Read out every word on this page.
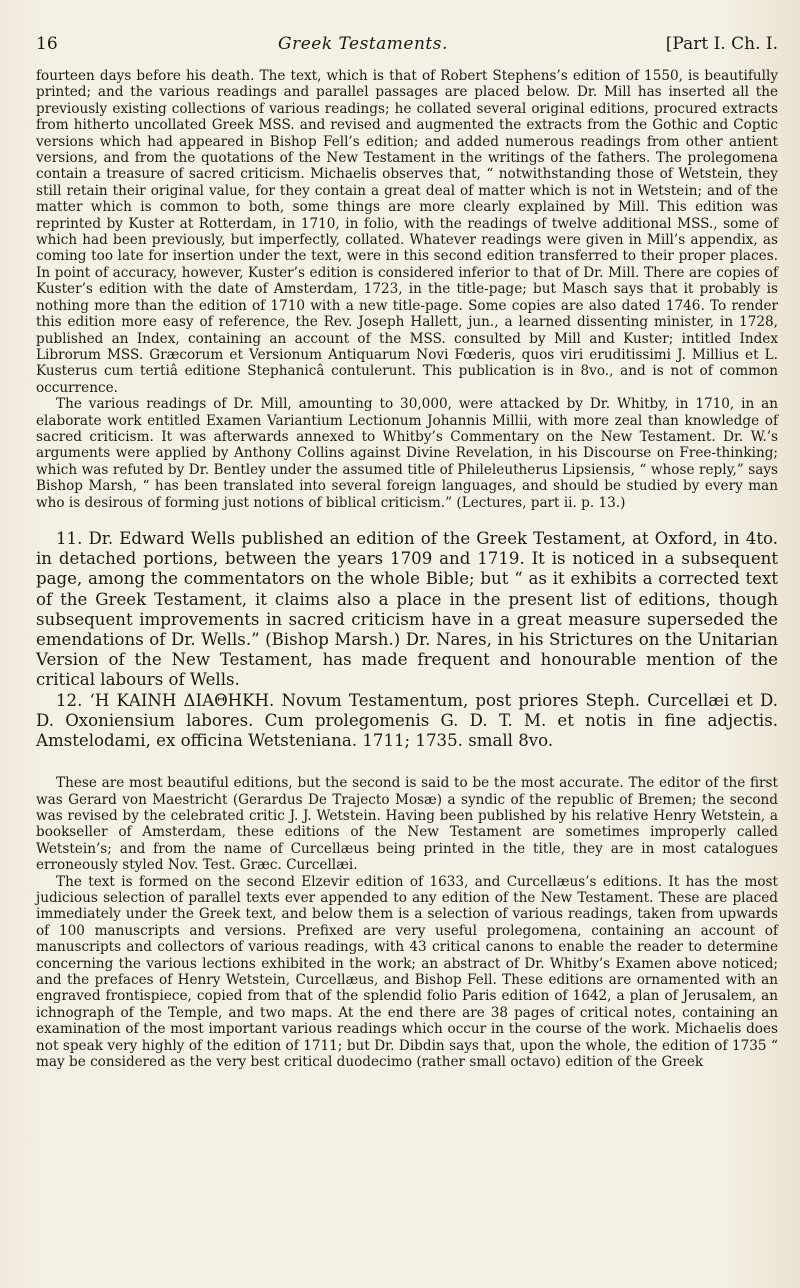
16	Greek Testaments.	[Part I. Ch. I.

fourteen days before his death. The text, which is that of Robert Stephens’s edition of 1550, is beautifully printed; and the various readings and parallel passages are placed below. Dr. Mill has inserted all the previously existing collections of various readings; he collated several original editions, procured extracts from hitherto uncollated Greek MSS. and revised and augmented the extracts from the Gothic and Coptic versions which had appeared in Bishop Fell’s edition; and added numerous readings from other antient versions, and from the quotations of the New Testament in the writings of the fathers. The prolegomena contain a treasure of sacred criticism. Michaelis observes that, “ notwithstanding those of Wetstein, they still retain their original value, for they contain a great deal of matter which is not in Wetstein; and of the matter which is common to both, some things are more clearly explained by Mill. This edition was reprinted by Kuster at Rotterdam, in 1710, in folio, with the readings of twelve additional MSS., some of which had been previously, but imperfectly, collated. Whatever readings were given in Mill’s appendix, as coming too late for insertion under the text, were in this second edition transferred to their proper places. In point of accuracy, however, Kuster’s edition is considered inferior to that of Dr. Mill. There are copies of Kuster’s edition with the date of Amsterdam, 1723, in the title-page; but Masch says that it probably is nothing more than the edition of 1710 with a new title-page. Some copies are also dated 1746. To render this edition more easy of reference, the Rev. Joseph Hallett, jun., a learned dissenting minister, in 1728, published an Index, containing an account of the MSS. consulted by Mill and Kuster; intitled Index Librorum MSS. Græcorum et Versionum Antiquarum Novi Fœderis, quos viri eruditissimi J. Millius et L. Kusterus cum tertiâ editione Stephanicâ contulerunt. This publication is in 8vo., and is not of common occurrence.

The various readings of Dr. Mill, amounting to 30,000, were attacked by Dr. Whitby, in 1710, in an elaborate work entitled Examen Variantium Lectionum Johannis Millii, with more zeal than knowledge of sacred criticism. It was afterwards annexed to Whitby’s Commentary on the New Testament. Dr. W.’s arguments were applied by Anthony Collins against Divine Revelation, in his Discourse on Free-thinking; which was refuted by Dr. Bentley under the assumed title of Phileleutherus Lipsiensis, “ whose reply,” says Bishop Marsh, “ has been translated into several foreign languages, and should be studied by every man who is desirous of forming just notions of biblical criticism.” (Lectures, part ii. p. 13.)

11. Dr. Edward Wells published an edition of the Greek Testament, at Oxford, in 4to. in detached portions, between the years 1709 and 1719. It is noticed in a subsequent page, among the commentators on the whole Bible; but “ as it exhibits a corrected text of the Greek Testament, it claims also a place in the present list of editions, though subsequent improvements in sacred criticism have in a great measure superseded the emendations of Dr. Wells.” (Bishop Marsh.) Dr. Nares, in his Strictures on the Unitarian Version of the New Testament, has made frequent and honourable mention of the critical labours of Wells.

12. ‘Η ΚΑΙΝΗ ΔΙΑΘΗΚΗ. Novum Testamentum, post priores Steph. Curcellæi et D. D. Oxoniensium labores. Cum prolegomenis G. D. T. M. et notis in fine adjectis. Amstelodami, ex officina Wetsteniana. 1711; 1735. small 8vo.

These are most beautiful editions, but the second is said to be the most accurate. The editor of the first was Gerard von Maestricht (Gerardus De Trajecto Mosæ) a syndic of the republic of Bremen; the second was revised by the celebrated critic J. J. Wetstein. Having been published by his relative Henry Wetstein, a bookseller of Amsterdam, these editions of the New Testament are sometimes improperly called Wetstein’s; and from the name of Curcellæus being printed in the title, they are in most catalogues erroneously styled Nov. Test. Græc. Curcellæi.

The text is formed on the second Elzevir edition of 1633, and Curcellæus’s editions. It has the most judicious selection of parallel texts ever appended to any edition of the New Testament. These are placed immediately under the Greek text, and below them is a selection of various readings, taken from upwards of 100 manuscripts and versions. Prefixed are very useful prolegomena, containing an account of manuscripts and collectors of various readings, with 43 critical canons to enable the reader to determine concerning the various lections exhibited in the work; an abstract of Dr. Whitby’s Examen above noticed; and the prefaces of Henry Wetstein, Curcellæus, and Bishop Fell. These editions are ornamented with an engraved frontispiece, copied from that of the splendid folio Paris edition of 1642, a plan of Jerusalem, an ichnograph of the Temple, and two maps. At the end there are 38 pages of critical notes, containing an examination of the most important various readings which occur in the course of the work. Michaelis does not speak very highly of the edition of 1711; but Dr. Dibdin says that, upon the whole, the edition of 1735 “ may be considered as the very best critical duodecimo (rather small octavo) edition of the Greek
